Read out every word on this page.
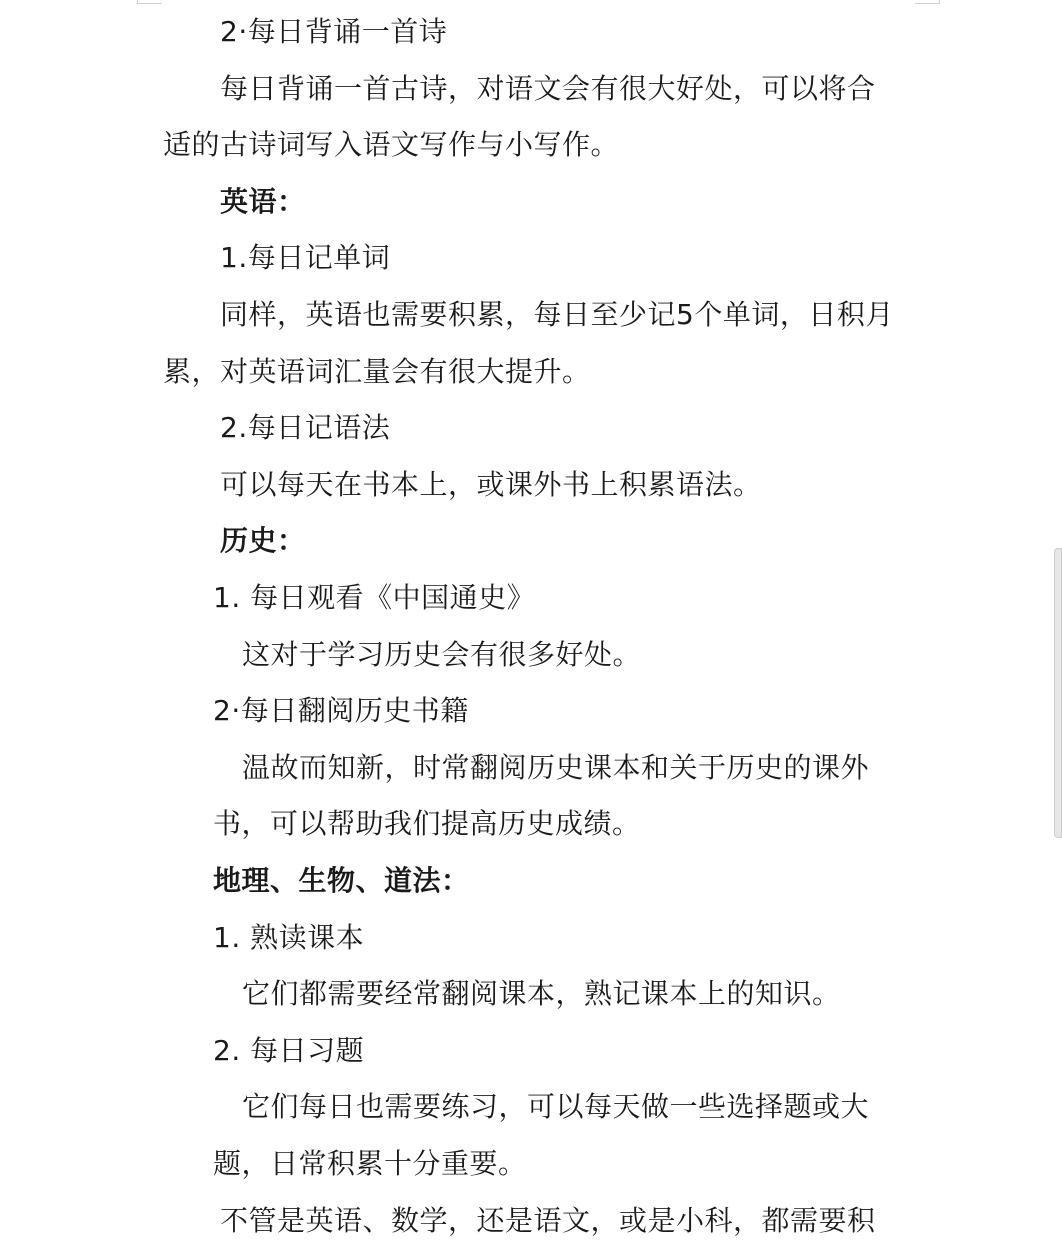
2·每日背诵一首诗
每日背诵一首古诗，对语文会有很大好处，可以将合
适的古诗词写入语文写作与小写作。
英语：
1.每日记单词
同样，英语也需要积累，每日至少记5个单词，日积月
累，对英语词汇量会有很大提升。
2.每日记语法
可以每天在书本上，或课外书上积累语法。
历史：
1. 每日观看《中国通史》
这对于学习历史会有很多好处。
2·每日翻阅历史书籍
温故而知新，时常翻阅历史课本和关于历史的课外
书，可以帮助我们提高历史成绩。
地理、生物、道法：
1. 熟读课本
它们都需要经常翻阅课本，熟记课本上的知识。
2. 每日习题
它们每日也需要练习，可以每天做一些选择题或大
题，日常积累十分重要。
不管是英语、数学，还是语文，或是小科，都需要积
